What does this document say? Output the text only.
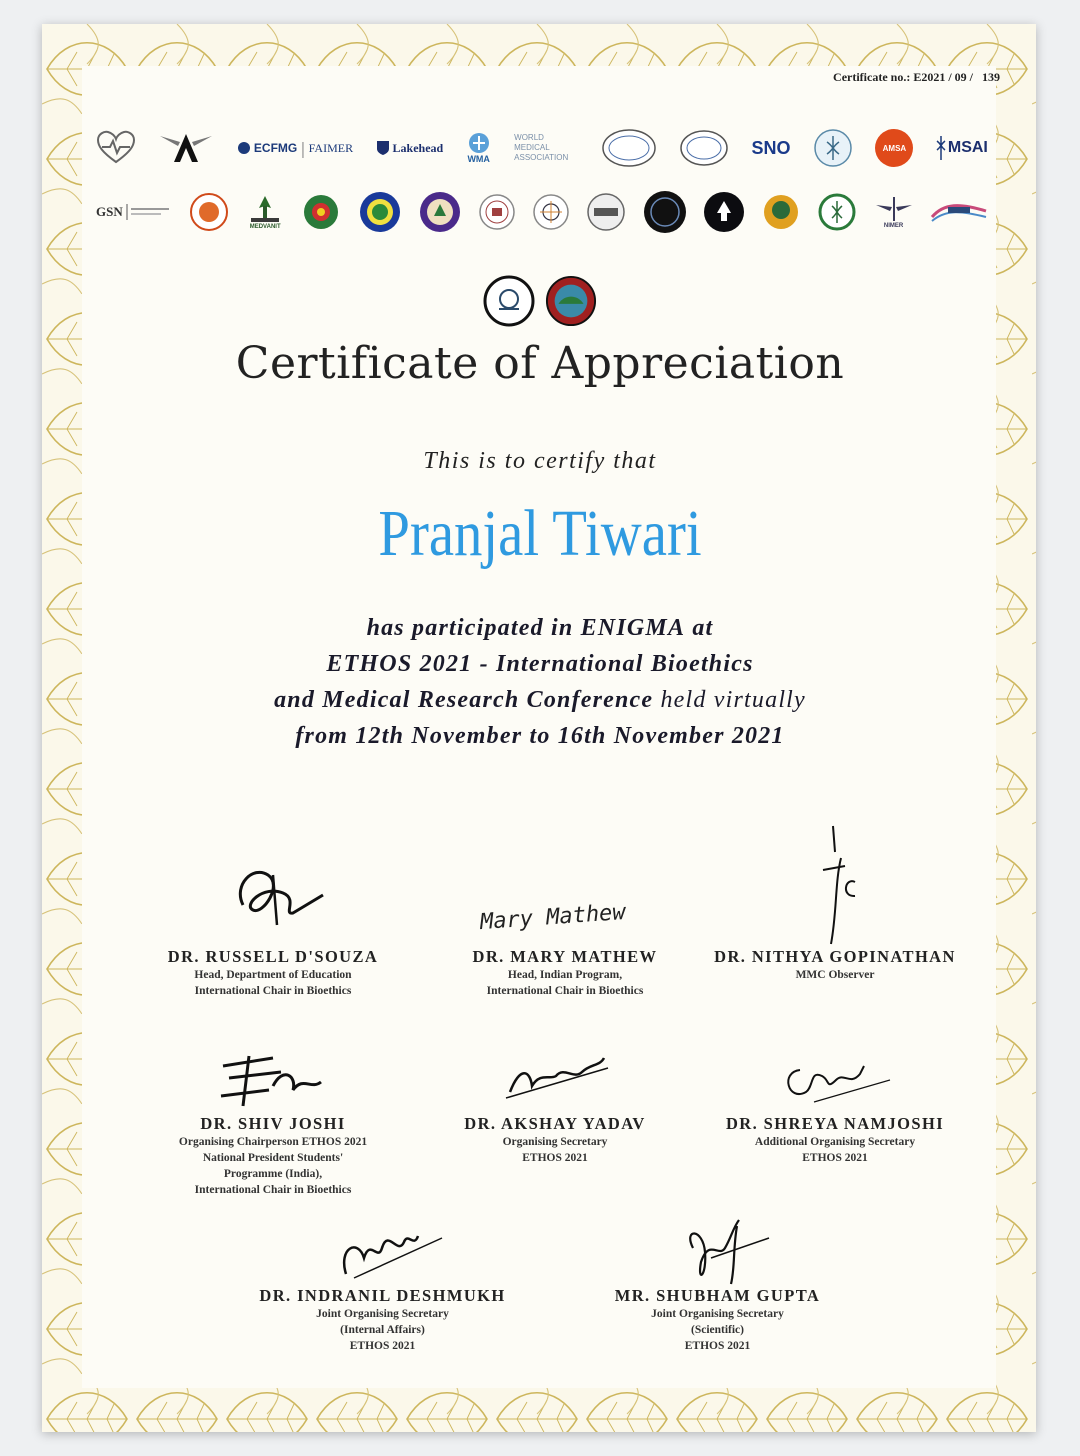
Certificate no.: E2021 / 09 / 139
ECFMG | FAIMER	Lakehead
WMA
WORLD MEDICAL ASSOCIATION	SNO	AMSA	MSAI
GSN
MEDVANIT	NIMER
Certificate of Appreciation
This is to certify that
Pranjal Tiwari
has participated in ENIGMA at
ETHOS 2021 - International Bioethics
and Medical Research Conference held virtually
from 12th November to 16th November 2021
DR. RUSSELL D'SOUZA
Head, Department of Education
International Chair in Bioethics
Mary Mathew
DR. MARY MATHEW
Head, Indian Program,
International Chair in Bioethics
DR. NITHYA GOPINATHAN
MMC Observer
DR. SHIV JOSHI
Organising Chairperson ETHOS 2021
National President Students'
Programme (India),
International Chair in Bioethics
DR. AKSHAY YADAV
Organising Secretary
ETHOS 2021
DR. SHREYA NAMJOSHI
Additional Organising Secretary
ETHOS 2021
DR. INDRANIL DESHMUKH
Joint Organising Secretary
(Internal Affairs)
ETHOS 2021
MR. SHUBHAM GUPTA
Joint Organising Secretary
(Scientific)
ETHOS 2021
